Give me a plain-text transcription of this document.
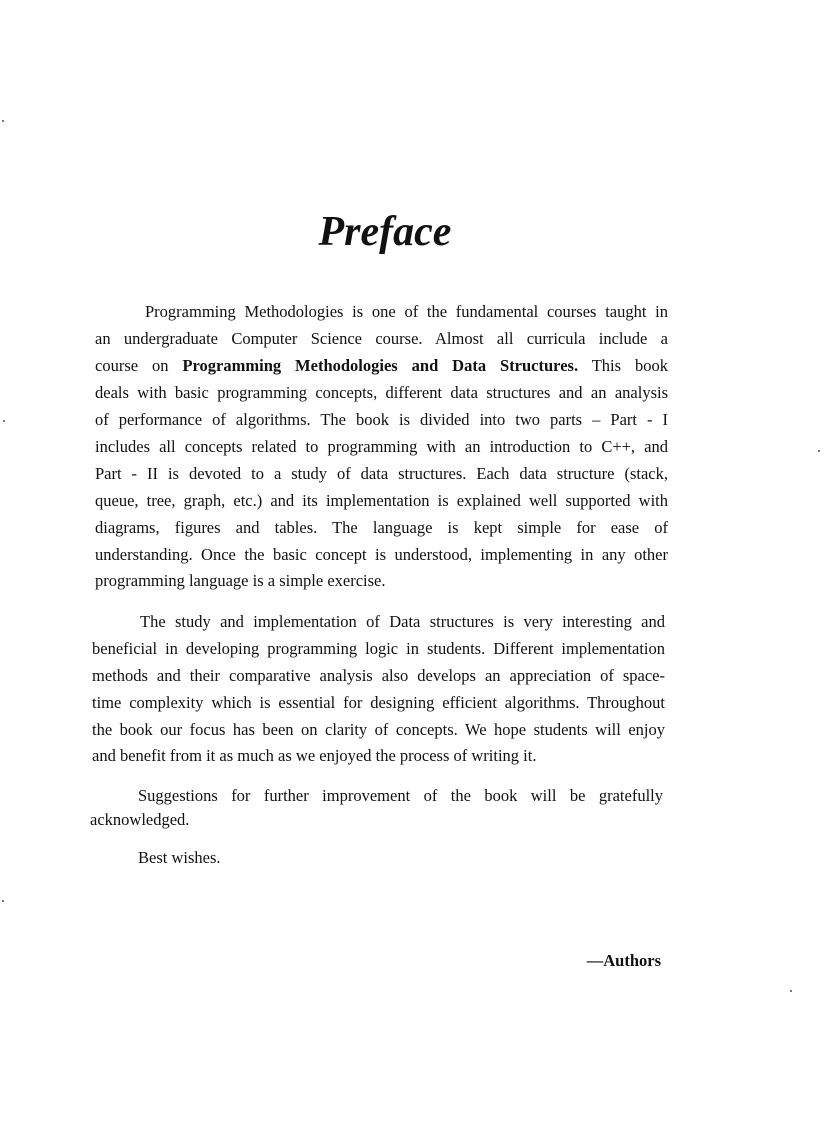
Preface
Programming Methodologies is one of the fundamental courses taught in
an undergraduate Computer Science course. Almost all curricula include a
course on Programming Methodologies and Data Structures. This book
deals with basic programming concepts, different data structures and an analysis
of performance of algorithms. The book is divided into two parts – Part - I
includes all concepts related to programming with an introduction to C++, and
Part - II is devoted to a study of data structures. Each data structure (stack,
queue, tree, graph, etc.) and its implementation is explained well supported with
diagrams, figures and tables. The language is kept simple for ease of
understanding. Once the basic concept is understood, implementing in any other
programming language is a simple exercise.
The study and implementation of Data structures is very interesting and
beneficial in developing programming logic in students. Different implementation
methods and their comparative analysis also develops an appreciation of space-
time complexity which is essential for designing efficient algorithms. Throughout
the book our focus has been on clarity of concepts. We hope students will enjoy
and benefit from it as much as we enjoyed the process of writing it.
Suggestions for further improvement of the book will be gratefully
acknowledged.
Best wishes.
—Authors
